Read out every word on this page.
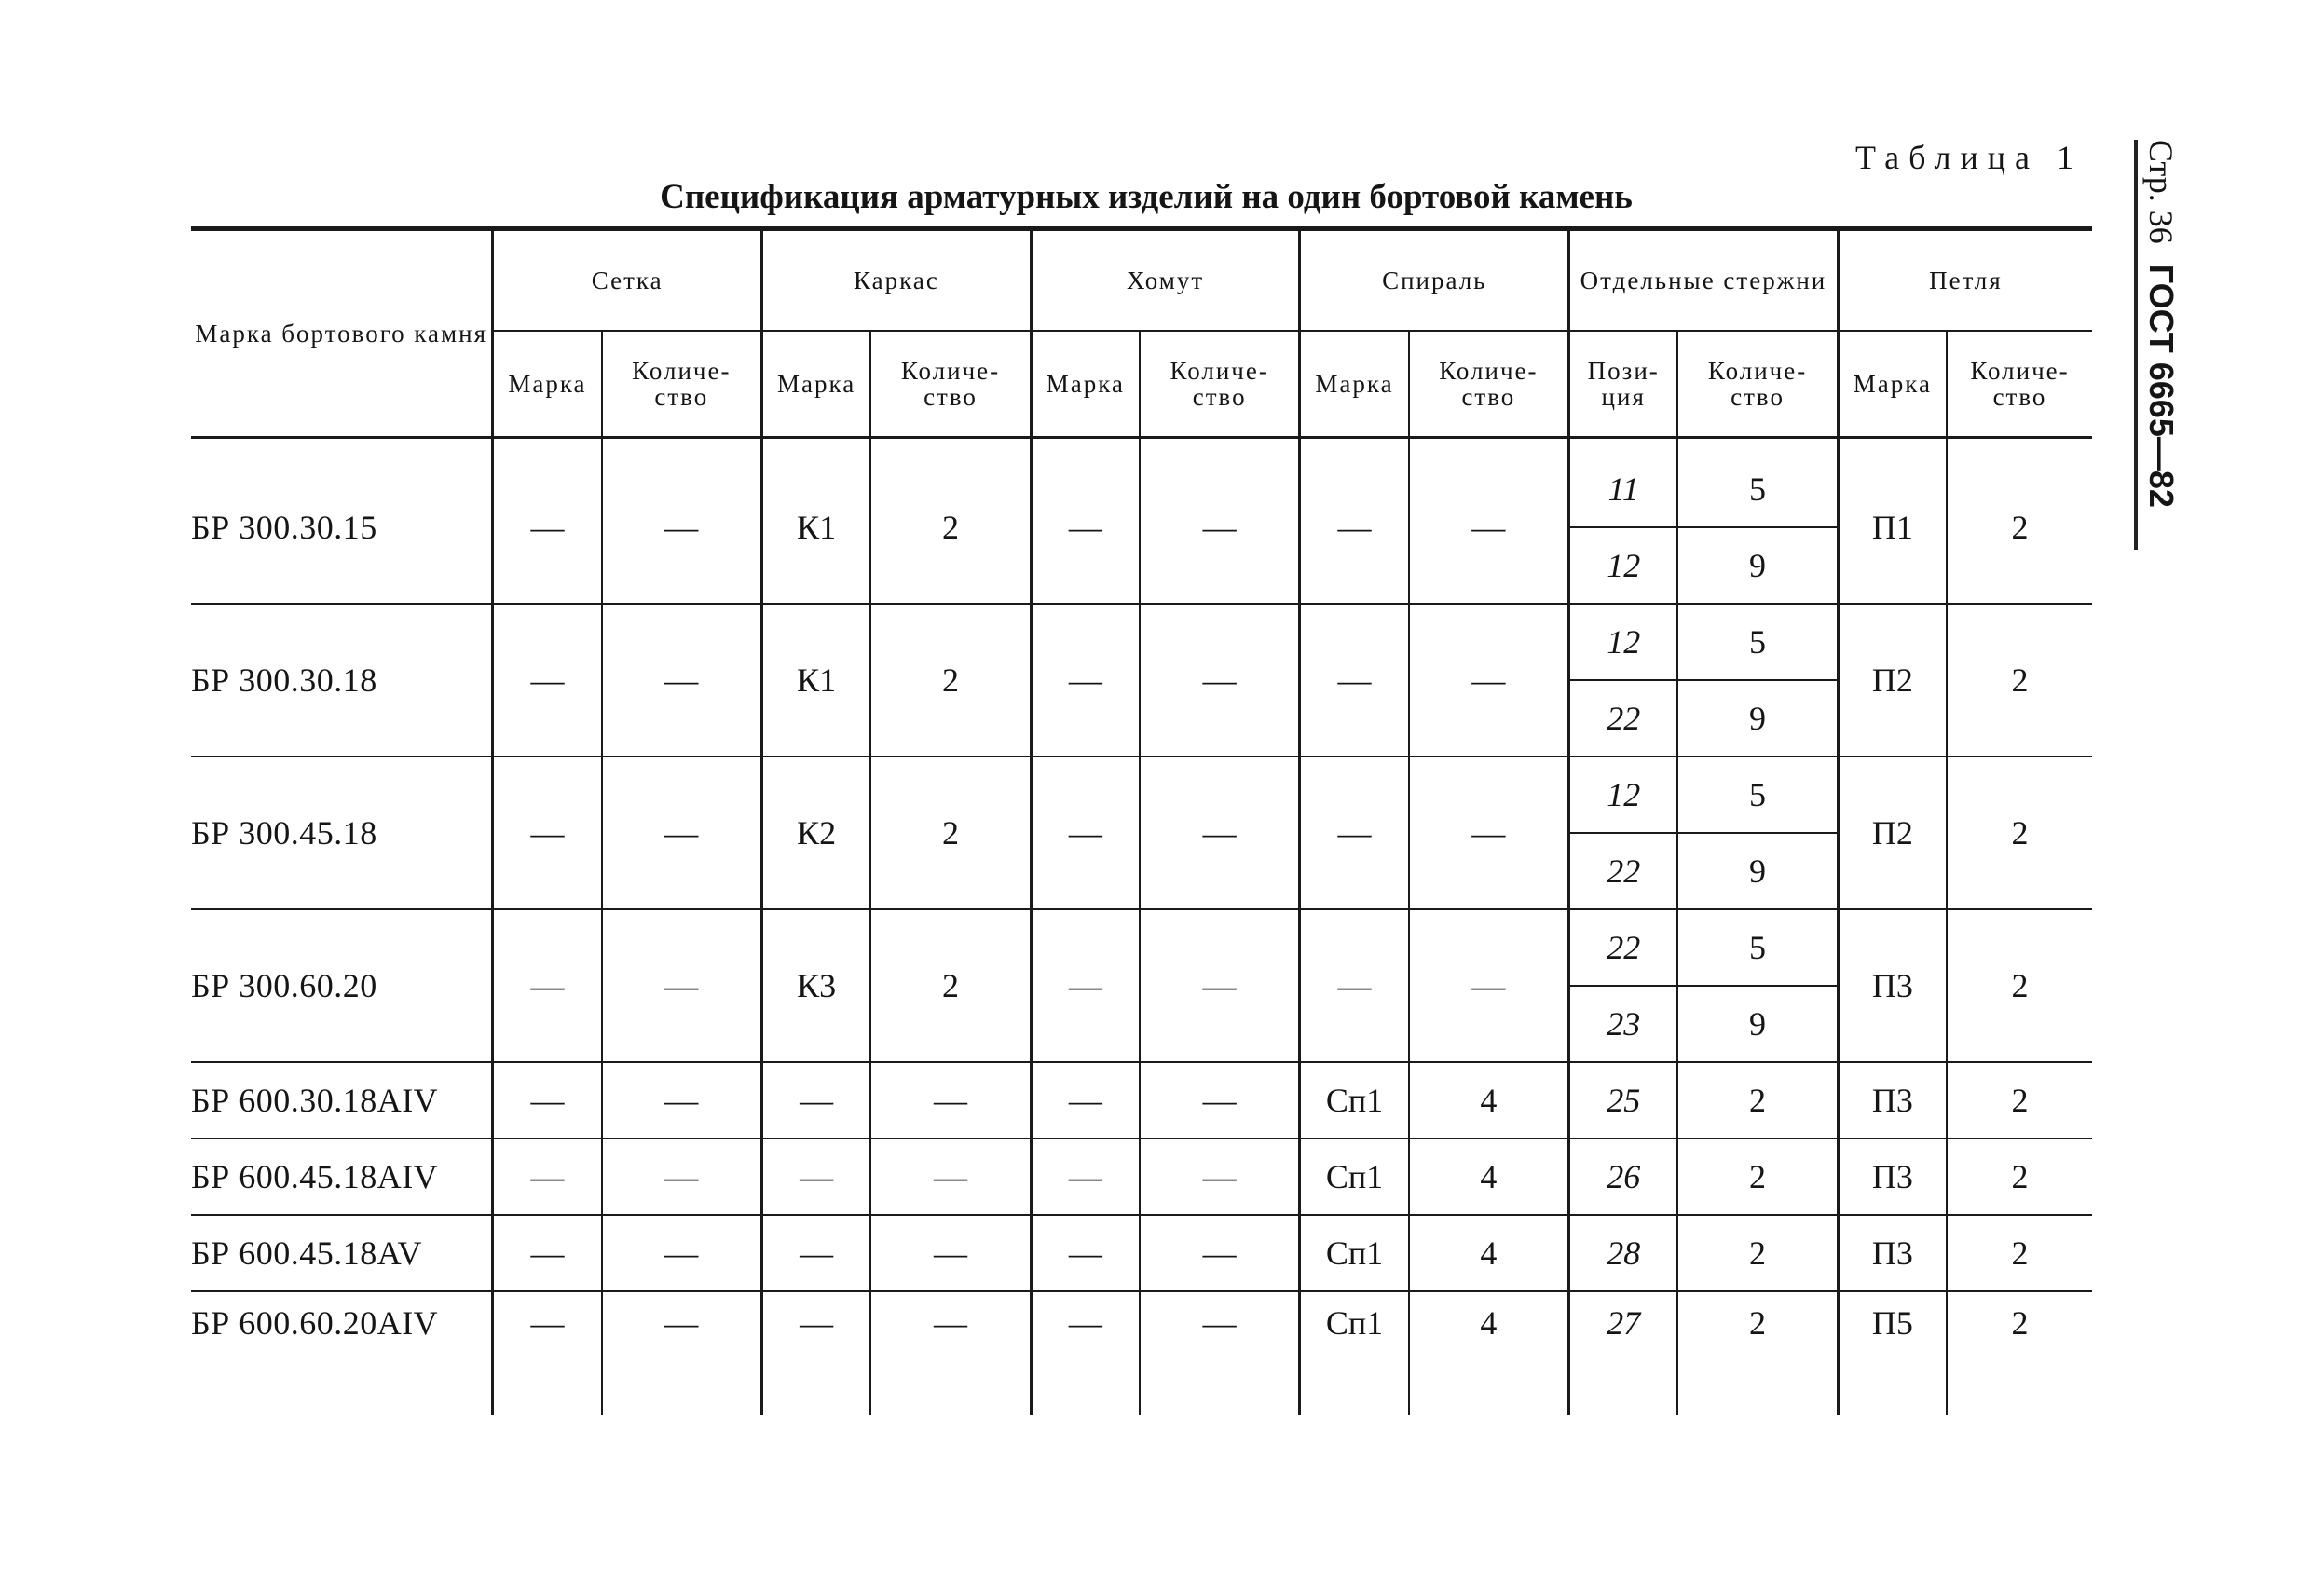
Таблица 1 Стр. 36
ГОСТ 6665—82
Спецификация арматурных изделий на один бортовой камень
Марка бортового камня	Сетка		Каркас		Хомут		Спираль		Отдельные стержни		Петля	
	Марка	Количе-ство	Марка	Количе-ство	Марка	Количе-ство	Марка	Количе-ство	Пози-ция	Количе-ство	Марка	Количе-ство
БР 300.30.15	—	—	К1	2	—	—	—	—	11	5	П1	2
									12	9		
БР 300.30.18	—	—	К1	2	—	—	—	—	12	5	П2	2
									22	9		
БР 300.45.18	—	—	К2	2	—	—	—	—	12	5	П2	2
									22	9		
БР 300.60.20	—	—	К3	2	—	—	—	—	22	5	П3	2
									23	9		
БР 600.30.18AIV	—	—	—	—	—	—	Сп1	4	25	2	П3	2
БР 600.45.18AIV	—	—	—	—	—	—	Сп1	4	26	2	П3	2
БР 600.45.18AV	—	—	—	—	—	—	Сп1	4	28	2	П3	2
БР 600.60.20AIV	—	—	—	—	—	—	Сп1	4	27	2	П5	2
